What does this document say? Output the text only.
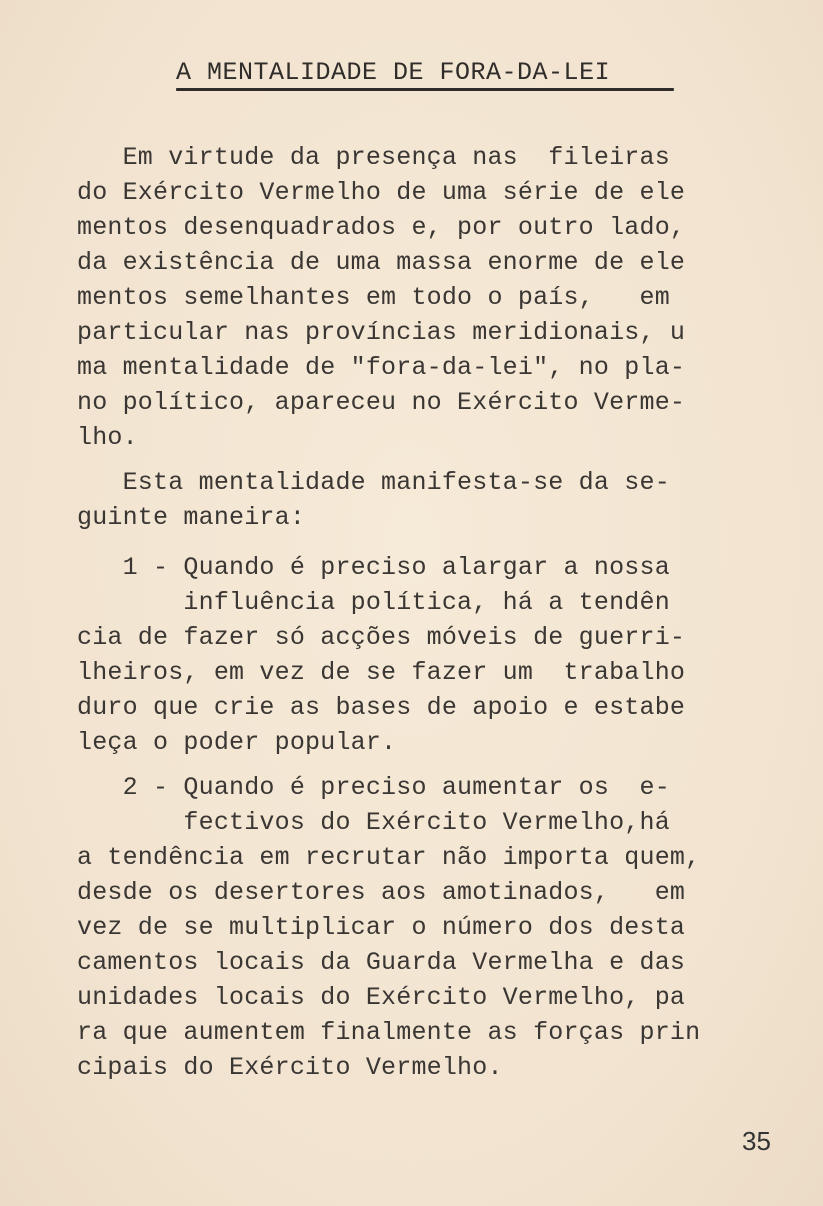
A MENTALIDADE DE FORA-DA-LEI
Em virtude da presença nas  fileiras
do Exército Vermelho de uma série de ele
mentos desenquadrados e, por outro lado,
da existência de uma massa enorme de ele
mentos semelhantes em todo o país,   em
particular nas províncias meridionais, u
ma mentalidade de "fora-da-lei", no pla-
no político, apareceu no Exército Verme-
lho.
Esta mentalidade manifesta-se da se-
guinte maneira:
1 - Quando é preciso alargar a nossa
influência política, há a tendên
cia de fazer só acções móveis de guerri-
lheiros, em vez de se fazer um  trabalho
duro que crie as bases de apoio e estabe
leça o poder popular.
2 - Quando é preciso aumentar os  e-
fectivos do Exército Vermelho,há
a tendência em recrutar não importa quem,
desde os desertores aos amotinados,   em
vez de se multiplicar o número dos desta
camentos locais da Guarda Vermelha e das
unidades locais do Exército Vermelho, pa
ra que aumentem finalmente as forças prin
cipais do Exército Vermelho.
35
